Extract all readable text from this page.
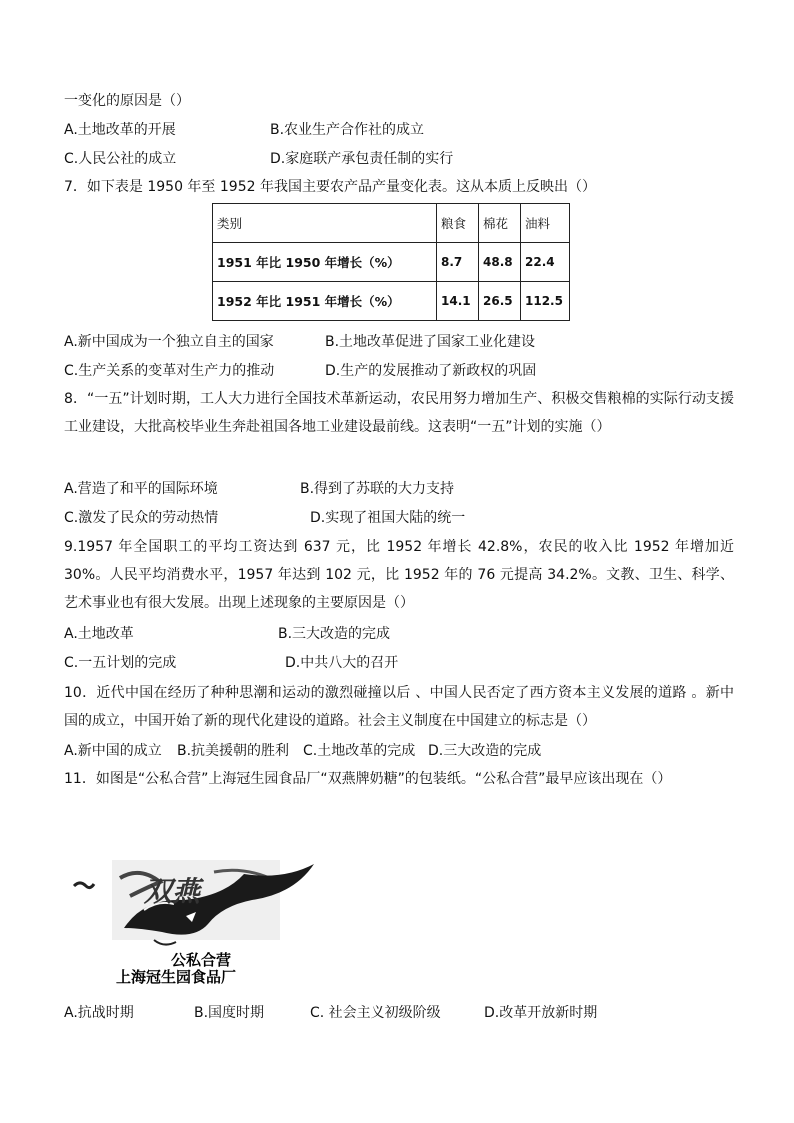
一变化的原因是（）
A.土地改革的开展	B.农业生产合作社的成立
C.人民公社的成立	D.家庭联产承包责任制的实行
7．如下表是 1950 年至 1952 年我国主要农产品产量变化表。这从本质上反映出（）
类别	粮食	棉花	油料
1951 年比 1950 年增长（%）	8.7	48.8	22.4
1952 年比 1951 年增长（%）	14.1	26.5	112.5
A.新中国成为一个独立自主的国家	B.土地改革促进了国家工业化建设
C.生产关系的变革对生产力的推动	D.生产的发展推动了新政权的巩固
8．“一五”计划时期，工人大力进行全国技术革新运动，农民用努力增加生产、积极交售粮棉的实际行动支援工业建设，大批高校毕业生奔赴祖国各地工业建设最前线。这表明“一五”计划的实施（）
A.营造了和平的国际环境	B.得到了苏联的大力支持
C.激发了民众的劳动热情	D.实现了祖国大陆的统一
9.1957 年全国职工的平均工资达到 637 元，比 1952 年增长 42.8%，农民的收入比 1952 年增加近 30%。人民平均消费水平，1957 年达到 102 元，比 1952 年的 76 元提高 34.2%。文教、卫生、科学、艺术事业也有很大发展。出现上述现象的主要原因是（）
A.土地改革	B.三大改造的完成
C.一五计划的完成	D.中共八大的召开
10．近代中国在经历了种种思潮和运动的激烈碰撞以后 、中国人民否定了西方资本主义发展的道路 。新中国的成立，中国开始了新的现代化建设的道路。社会主义制度在中国建立的标志是（）
A.新中国的成立 B.抗美援朝的胜利 C.土地改革的完成 D.三大改造的完成
11．如图是“公私合营”上海冠生园食品厂“双燕牌奶糖”的包装纸。“公私合营”最早应该出现在（）
双燕
公私合营
上海冠生园食品厂
A.抗战时期	B.国度时期	C. 社会主义初级阶级	D.改革开放新时期
